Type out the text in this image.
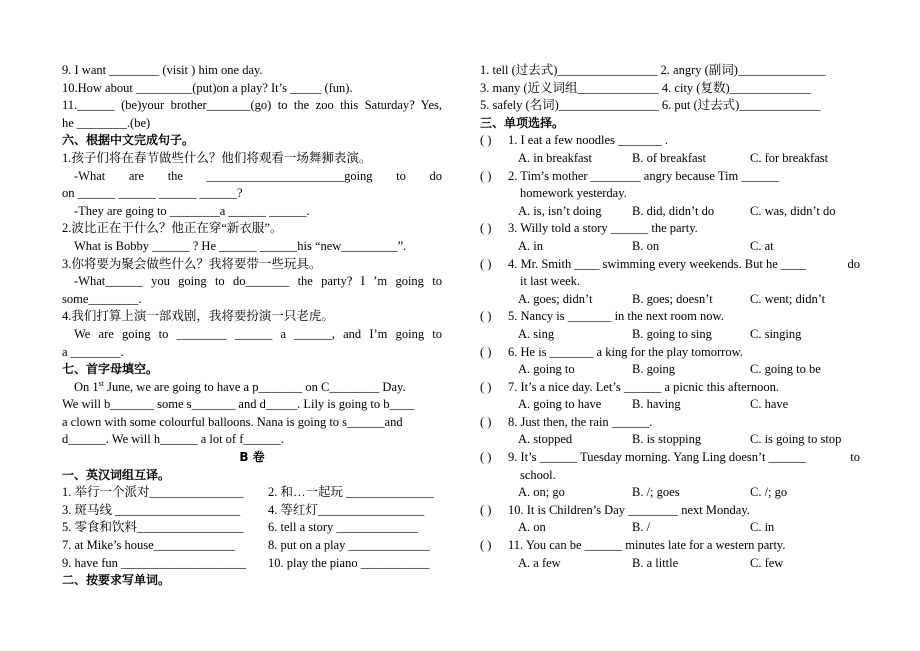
9. I want ________ (visit ) him one day.
10.How about _________(put)on a play? It’s _____ (fun).
11.______ (be)your brother_______(go) to the zoo this Saturday? Yes,
he ________.(be)
六、根据中文完成句子。
1.孩子们将在春节做些什么？他们将观看一场舞狮表演。
-What are the ______________________going to do
on ______ ______ ______ ______?
-They are going to ________a ______ ______.
2.波比正在干什么？他正在穿“新衣服”。
What is Bobby ______ ? He ______ ______his “new_________”.
3.你将要为聚会做些什么？我将要带一些玩具。
-What______ you going to do_______ the party? I ’m going to
some________.
4.我们打算上演一部戏剧，我将要扮演一只老虎。
We are going to ________ ______ a ______, and I’m going to
a ________.
七、首字母填空。
On 1st June, we are going to have a p_______ on C________ Day.
We will b_______ some s_______ and d_____. Lily is going to b____
a clown with some colourful balloons. Nana is going to s______and
d______. We will h______ a lot of f______.
B 卷
一、英汉词组互译。
1. 举行一个派对_______________ 2. 和…一起玩 ______________
3. 斑马线 ____________________ 4. 等红灯_________________
5. 零食和饮料_________________ 6. tell a story _____________
7. at Mike’s house_____________	8. put on a play _____________
9. have fun ____________________ 10. play the piano ___________
二、按要求写单词。
1. tell (过去式)________________ 2. angry (副词)______________
3. many (近义词组_____________ 4. city (复数)_____________
5. safely (名词)________________ 6. put (过去式)_____________
三、单项选择。
( ) 1. I eat a few noodles _______ .
A. in breakfast	B. of breakfast	C. for breakfast
( ) 2. Tim’s mother ________ angry because Tim ______
homework yesterday.
A. is, isn’t doing B. did, didn’t do	C. was, didn’t do
( ) 3. Willy told a story ______ the party.
A. in	B. on	C. at
( ) 4. Mr. Smith ____ swimming every weekends. But he ____	do
it last week.
A. goes; didn’t	B. goes; doesn’t	C. went; didn’t
( ) 5. Nancy is _______ in the next room now.
A. sing	B. going to sing	C. singing
( ) 6. He is _______ a king for the play tomorrow.
A. going to	B. going	C. going to be
( ) 7. It’s a nice day. Let’s ______ a picnic this afternoon.
A. going to have B. having	C. have
( ) 8. Just then, the rain ______.
A. stopped	B. is stopping	C. is going to stop
( ) 9. It’s ______ Tuesday morning. Yang Ling doesn’t ______	to
school.
A. on; go	B. /; goes	C. /; go
( ) 10. It is Children’s Day ________ next Monday.
A. on	B. /	C. in
( ) 11. You can be ______ minutes late for a western party.
A. a few	B. a little	C. few
